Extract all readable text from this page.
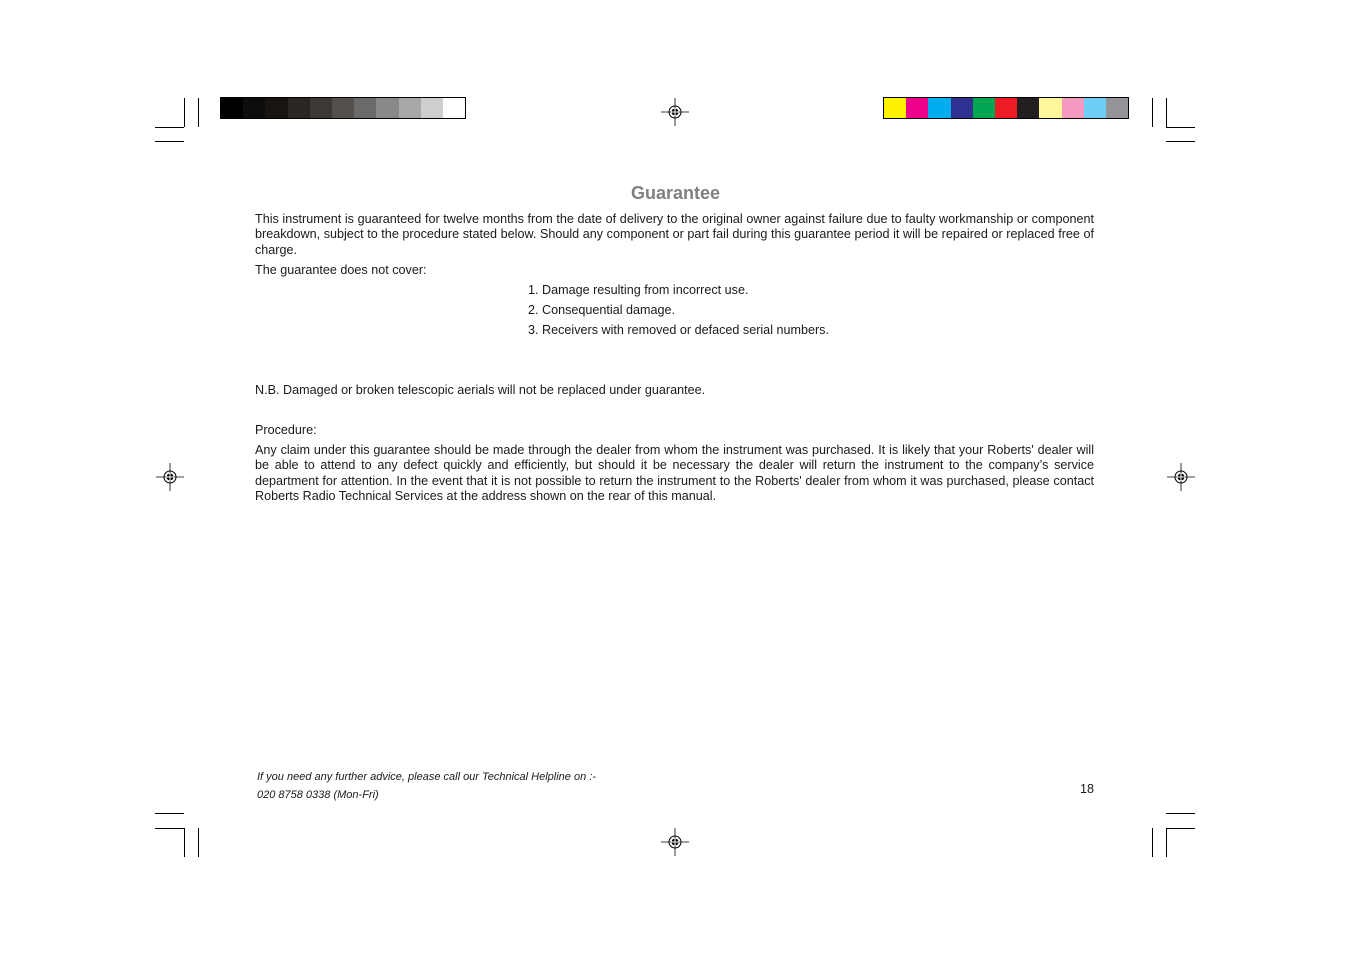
Guarantee
This instrument is guaranteed for twelve months from the date of delivery to the original owner against failure due to faulty workmanship or component breakdown, subject to the procedure stated below. Should any component or part fail during this guarantee period it will be repaired or replaced free of charge.
The guarantee does not cover:
1. Damage resulting from incorrect use.
2. Consequential damage.
3. Receivers with removed or defaced serial numbers.
N.B. Damaged or broken telescopic aerials will not be replaced under guarantee.
Procedure:
Any claim under this guarantee should be made through the dealer from whom the instrument was purchased. It is likely that your Roberts' dealer will be able to attend to any defect quickly and efficiently, but should it be necessary the dealer will return the instrument to the company’s service department for attention. In the event that it is not possible to return the instrument to the Roberts' dealer from whom it was purchased, please contact Roberts Radio Technical Services at the address shown on the rear of this manual.
If you need any further advice, please call our Technical Helpline on :-
020 8758 0338 (Mon-Fri)	18
